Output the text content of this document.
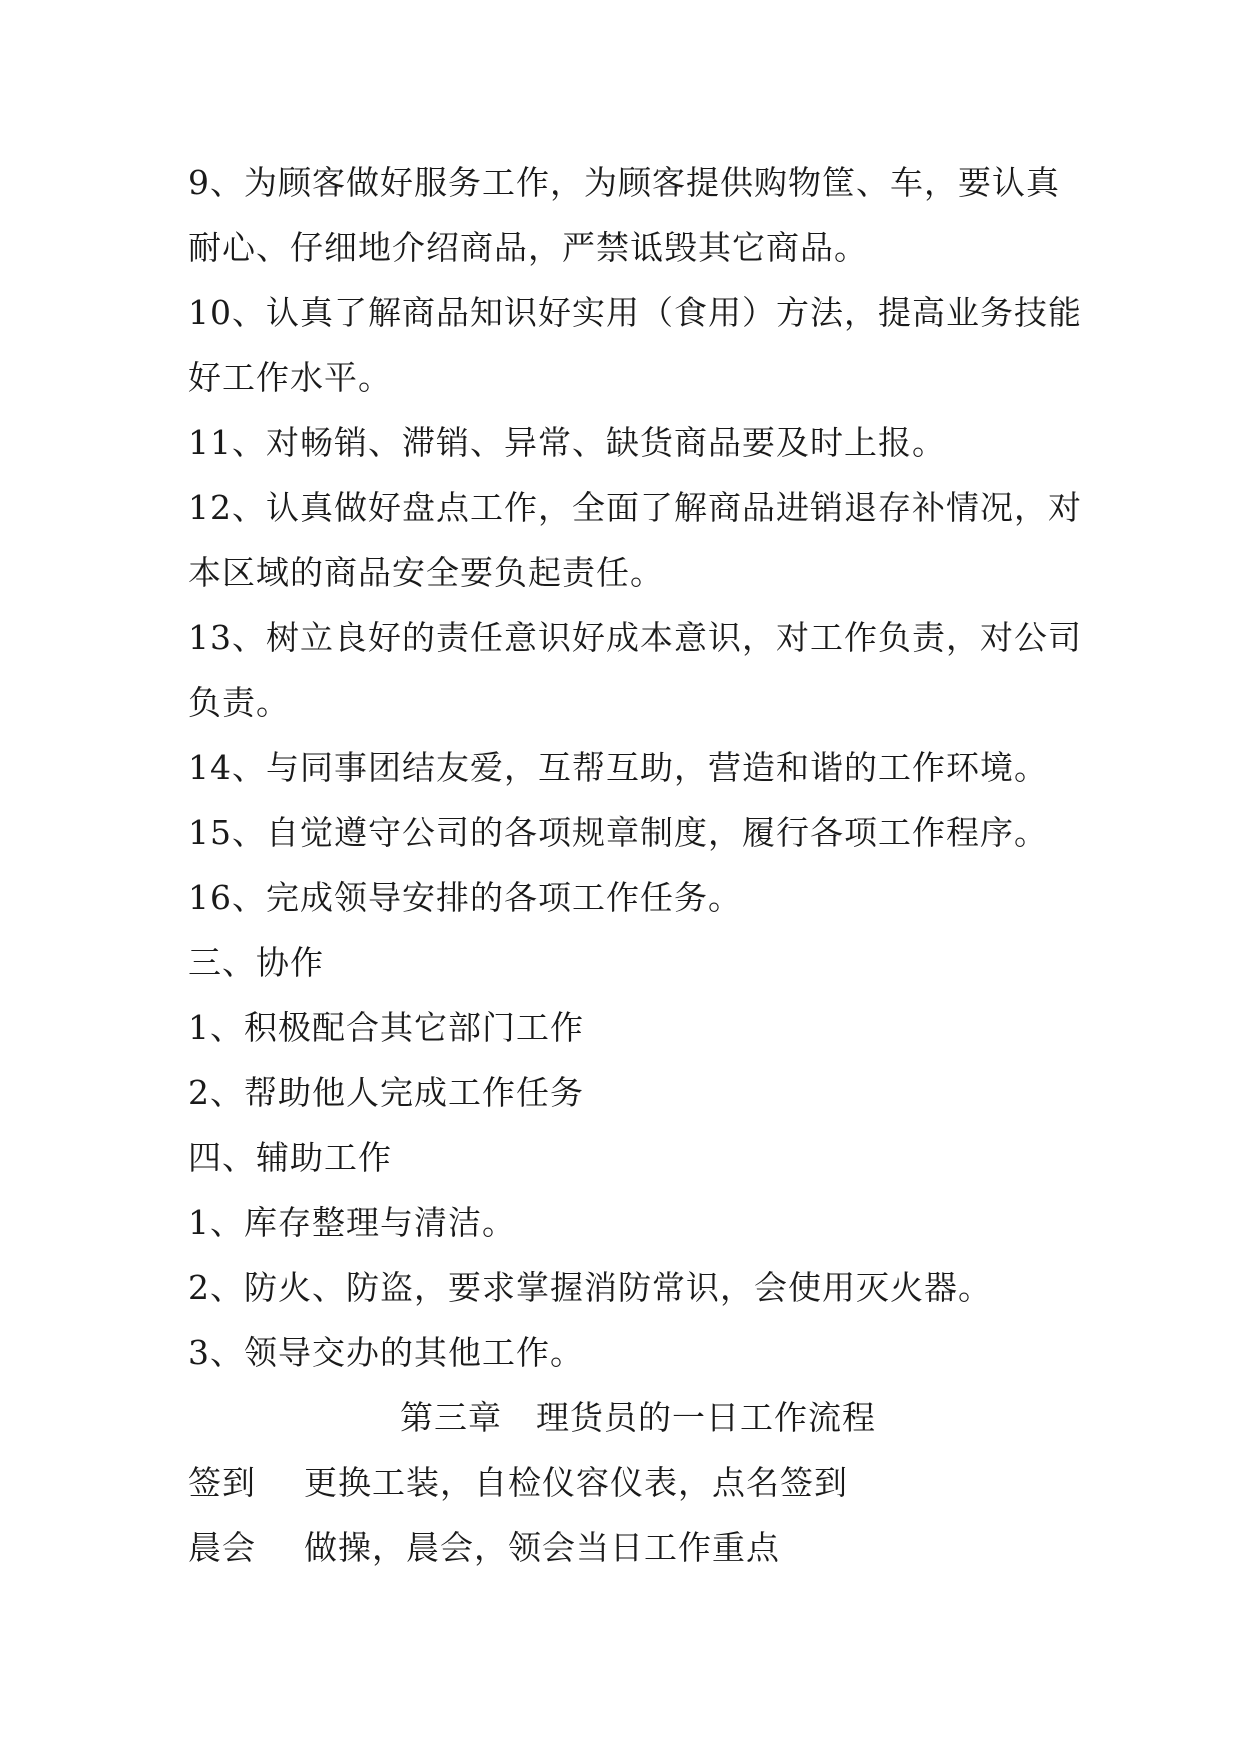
9、为顾客做好服务工作，为顾客提供购物筐、车，要认真
耐心、仔细地介绍商品，严禁诋毁其它商品。
10、认真了解商品知识好实用（食用）方法，提高业务技能
好工作水平。
11、对畅销、滞销、异常、缺货商品要及时上报。
12、认真做好盘点工作，全面了解商品进销退存补情况，对
本区域的商品安全要负起责任。
13、树立良好的责任意识好成本意识，对工作负责，对公司
负责。
14、与同事团结友爱，互帮互助，营造和谐的工作环境。
15、自觉遵守公司的各项规章制度，履行各项工作程序。
16、完成领导安排的各项工作任务。
三、协作
1、积极配合其它部门工作
2、帮助他人完成工作任务
四、辅助工作
1、库存整理与清洁。
2、防火、防盗，要求掌握消防常识，会使用灭火器。
3、领导交办的其他工作。
第三章　理货员的一日工作流程
签到	更换工装，自检仪容仪表，点名签到
晨会	做操，晨会，领会当日工作重点
